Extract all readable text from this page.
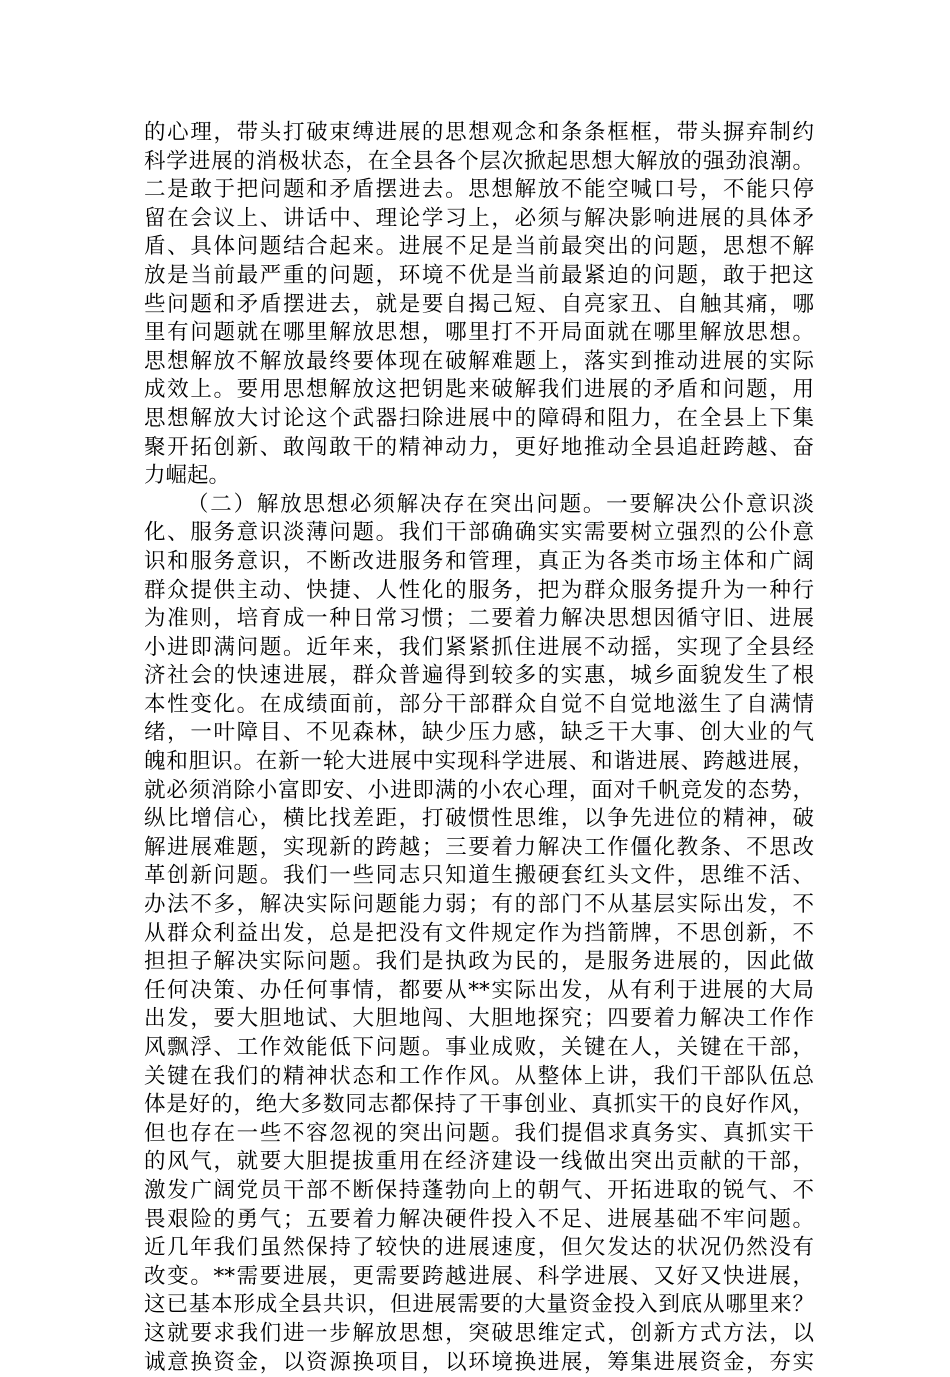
的心理，带头打破束缚进展的思想观念和条条框框，带头摒弃制约
科学进展的消极状态，在全县各个层次掀起思想大解放的强劲浪潮。
二是敢于把问题和矛盾摆进去。思想解放不能空喊口号，不能只停
留在会议上、讲话中、理论学习上，必须与解决影响进展的具体矛
盾、具体问题结合起来。进展不足是当前最突出的问题，思想不解
放是当前最严重的问题，环境不优是当前最紧迫的问题，敢于把这
些问题和矛盾摆进去，就是要自揭己短、自亮家丑、自触其痛，哪
里有问题就在哪里解放思想，哪里打不开局面就在哪里解放思想。
思想解放不解放最终要体现在破解难题上，落实到推动进展的实际
成效上。要用思想解放这把钥匙来破解我们进展的矛盾和问题，用
思想解放大讨论这个武器扫除进展中的障碍和阻力，在全县上下集
聚开拓创新、敢闯敢干的精神动力，更好地推动全县追赶跨越、奋
力崛起。
（二）解放思想必须解决存在突出问题。一要解决公仆意识淡
化、服务意识淡薄问题。我们干部确确实实需要树立强烈的公仆意
识和服务意识，不断改进服务和管理，真正为各类市场主体和广阔
群众提供主动、快捷、人性化的服务，把为群众服务提升为一种行
为准则，培育成一种日常习惯；二要着力解决思想因循守旧、进展
小进即满问题。近年来，我们紧紧抓住进展不动摇，实现了全县经
济社会的快速进展，群众普遍得到较多的实惠，城乡面貌发生了根
本性变化。在成绩面前，部分干部群众自觉不自觉地滋生了自满情
绪，一叶障目、不见森林，缺少压力感，缺乏干大事、创大业的气
魄和胆识。在新一轮大进展中实现科学进展、和谐进展、跨越进展，
就必须消除小富即安、小进即满的小农心理，面对千帆竞发的态势，
纵比增信心，横比找差距，打破惯性思维，以争先进位的精神，破
解进展难题，实现新的跨越；三要着力解决工作僵化教条、不思改
革创新问题。我们一些同志只知道生搬硬套红头文件，思维不活、
办法不多，解决实际问题能力弱；有的部门不从基层实际出发，不
从群众利益出发，总是把没有文件规定作为挡箭牌，不思创新，不
担担子解决实际问题。我们是执政为民的，是服务进展的，因此做
任何决策、办任何事情，都要从**实际出发，从有利于进展的大局
出发，要大胆地试、大胆地闯、大胆地探究；四要着力解决工作作
风飘浮、工作效能低下问题。事业成败，关键在人，关键在干部，
关键在我们的精神状态和工作作风。从整体上讲，我们干部队伍总
体是好的，绝大多数同志都保持了干事创业、真抓实干的良好作风，
但也存在一些不容忽视的突出问题。我们提倡求真务实、真抓实干
的风气，就要大胆提拔重用在经济建设一线做出突出贡献的干部，
激发广阔党员干部不断保持蓬勃向上的朝气、开拓进取的锐气、不
畏艰险的勇气；五要着力解决硬件投入不足、进展基础不牢问题。
近几年我们虽然保持了较快的进展速度，但欠发达的状况仍然没有
改变。**需要进展，更需要跨越进展、科学进展、又好又快进展，
这已基本形成全县共识，但进展需要的大量资金投入到底从哪里来？
这就要求我们进一步解放思想，突破思维定式，创新方式方法，以
诚意换资金，以资源换项目，以环境换进展，筹集进展资金，夯实
